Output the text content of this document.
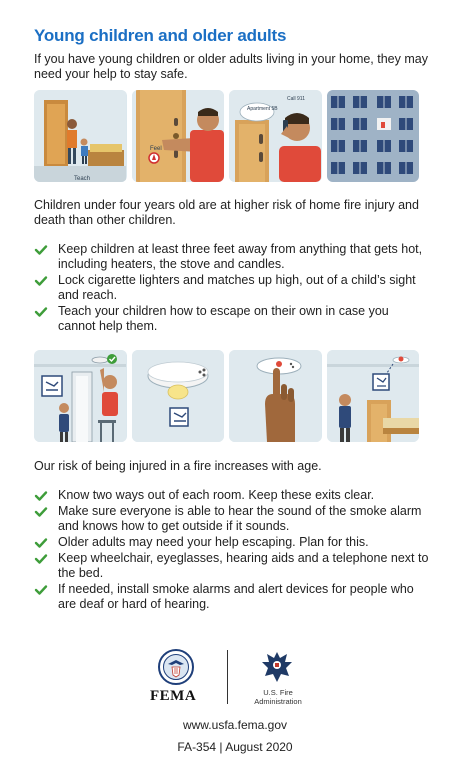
Young children and older adults
If you have young children or older adults living in your home, they may need your help to stay safe.
Teach
Feel
Apartment 5B
Call 911
Children under four years old are at higher risk of home fire injury and death than other children.
Keep children at least three feet away from anything that gets hot, including heaters, the stove and candles.
Lock cigarette lighters and matches up high, out of a child’s sight and reach.
Teach your children how to escape on their own in case you cannot help them.
Our risk of being injured in a fire increases with age.
Know two ways out of each room. Keep these exits clear.
Make sure everyone is able to hear the sound of the smoke alarm and knows how to get outside if it sounds.
Older adults may need your help escaping. Plan for this.
Keep wheelchair, eyeglasses, hearing aids and a telephone next to the bed.
If needed, install smoke alarms and alert devices for people who are deaf or hard of hearing.
FEMA	U.S. Fire Administration
www.usfa.fema.gov
FA-354 | August 2020
